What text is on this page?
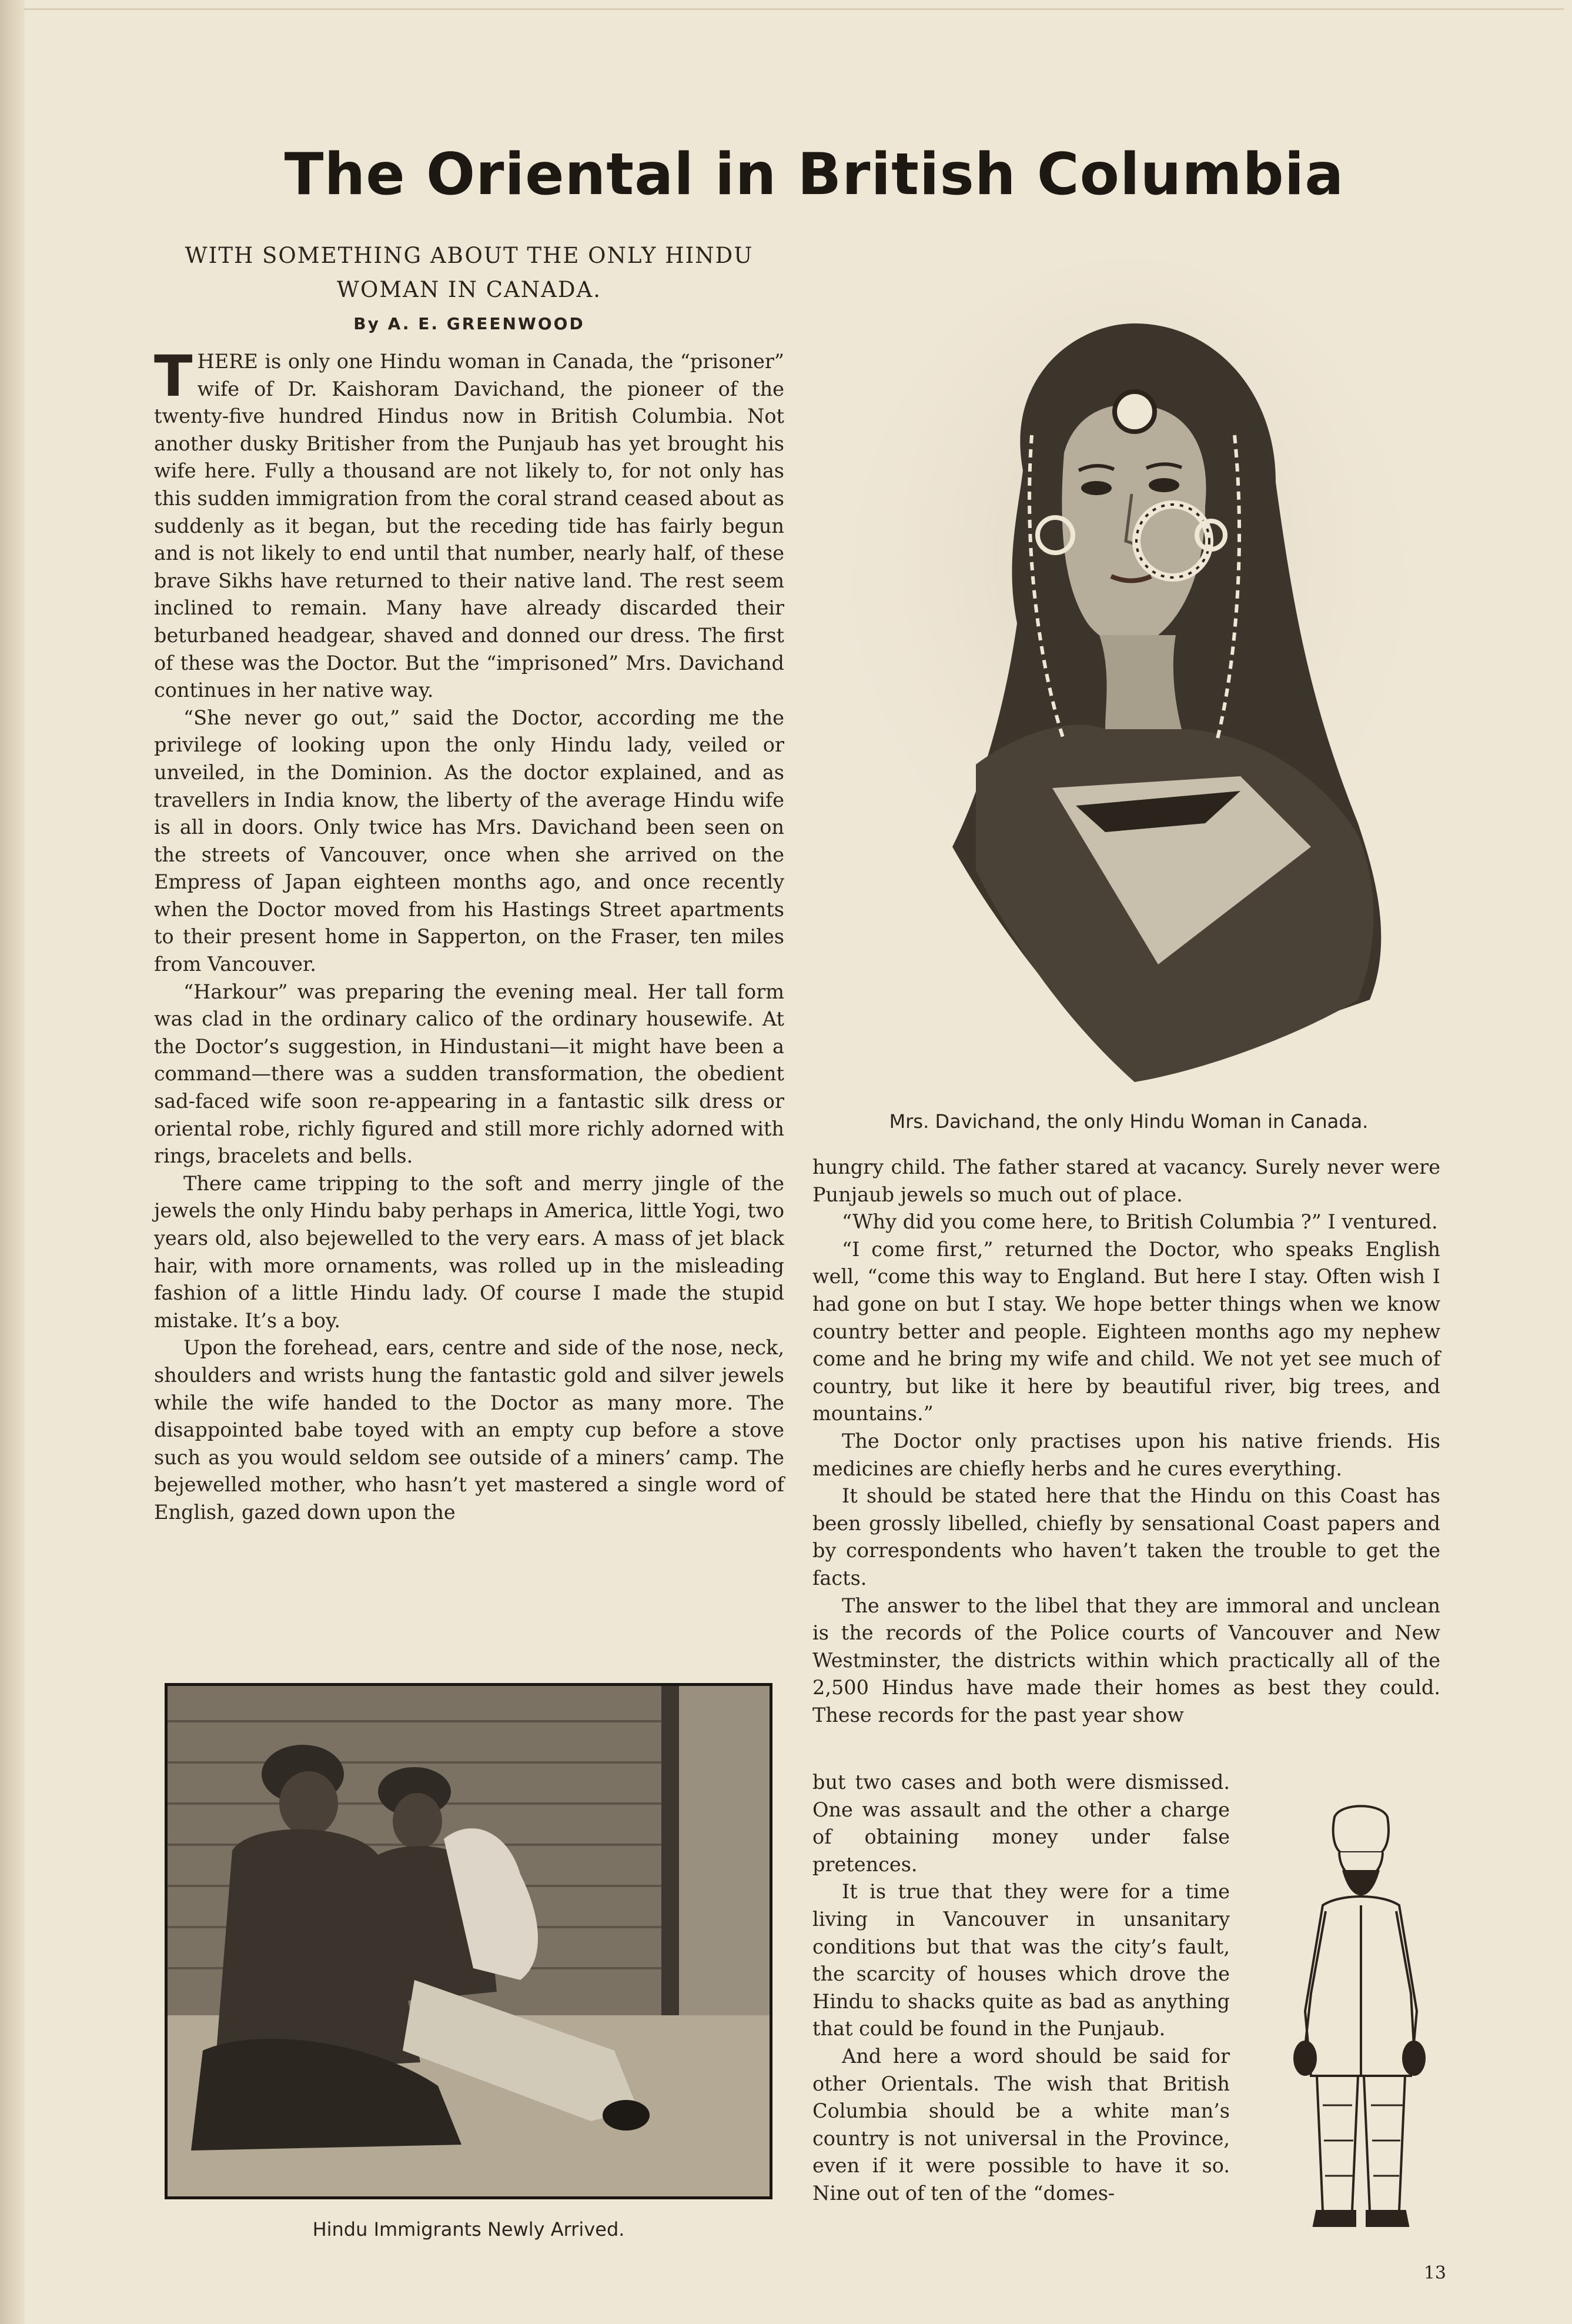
The Oriental in British Columbia

WITH SOMETHING ABOUT THE ONLY HINDU WOMAN IN CANADA.

By A. E. GREENWOOD

THERE is only one Hindu woman in Canada, the “prisoner” wife of Dr. Kaishoram Davichand, the pioneer of the twenty-five hundred Hindus now in British Columbia. Not another dusky Britisher from the Punjaub has yet brought his wife here. Fully a thousand are not likely to, for not only has this sudden immigration from the coral strand ceased about as suddenly as it began, but the receding tide has fairly begun and is not likely to end until that number, nearly half, of these brave Sikhs have returned to their native land. The rest seem inclined to remain. Many have already discarded their beturbaned headgear, shaved and donned our dress. The first of these was the Doctor. But the “imprisoned” Mrs. Davichand continues in her native way.

“She never go out,” said the Doctor, according me the privilege of looking upon the only Hindu lady, veiled or unveiled, in the Dominion. As the doctor explained, and as travellers in India know, the liberty of the average Hindu wife is all in doors. Only twice has Mrs. Davichand been seen on the streets of Vancouver, once when she arrived on the Empress of Japan eighteen months ago, and once recently when the Doctor moved from his Hastings Street apartments to their present home in Sapperton, on the Fraser, ten miles from Vancouver.

“Harkour” was preparing the evening meal. Her tall form was clad in the ordinary calico of the ordinary housewife. At the Doctor’s suggestion, in Hindustani—it might have been a command—there was a sudden transformation, the obedient sad-faced wife soon re-appearing in a fantastic silk dress or oriental robe, richly figured and still more richly adorned with rings, bracelets and bells.

There came tripping to the soft and merry jingle of the jewels the only Hindu baby perhaps in America, little Yogi, two years old, also bejewelled to the very ears. A mass of jet black hair, with more ornaments, was rolled up in the misleading fashion of a little Hindu lady. Of course I made the stupid mistake. It’s a boy.

Upon the forehead, ears, centre and side of the nose, neck, shoulders and wrists hung the fantastic gold and silver jewels while the wife handed to the Doctor as many more. The disappointed babe toyed with an empty cup before a stove such as you would seldom see outside of a miners’ camp. The bejewelled mother, who hasn’t yet mastered a single word of English, gazed down upon the

Mrs. Davichand, the only Hindu Woman in Canada.

hungry child. The father stared at vacancy. Surely never were Punjaub jewels so much out of place.

“Why did you come here, to British Columbia ?” I ventured.

“I come first,” returned the Doctor, who speaks English well, “come this way to England. But here I stay. Often wish I had gone on but I stay. We hope better things when we know country better and people. Eighteen months ago my nephew come and he bring my wife and child. We not yet see much of country, but like it here by beautiful river, big trees, and mountains.”

The Doctor only practises upon his native friends. His medicines are chiefly herbs and he cures everything.

It should be stated here that the Hindu on this Coast has been grossly libelled, chiefly by sensational Coast papers and by correspondents who haven’t taken the trouble to get the facts.

The answer to the libel that they are immoral and unclean is the records of the Police courts of Vancouver and New Westminster, the districts within which practically all of the 2,500 Hindus have made their homes as best they could. These records for the past year show

but two cases and both were dismissed. One was assault and the other a charge of obtaining money under false pretences.

It is true that they were for a time living in Vancouver in unsanitary conditions but that was the city’s fault, the scarcity of houses which drove the Hindu to shacks quite as bad as anything that could be found in the Punjaub.

And here a word should be said for other Orientals. The wish that British Columbia should be a white man’s country is not universal in the Province, even if it were possible to have it so. Nine out of ten of the “domes-

Hindu Immigrants Newly Arrived.

13
